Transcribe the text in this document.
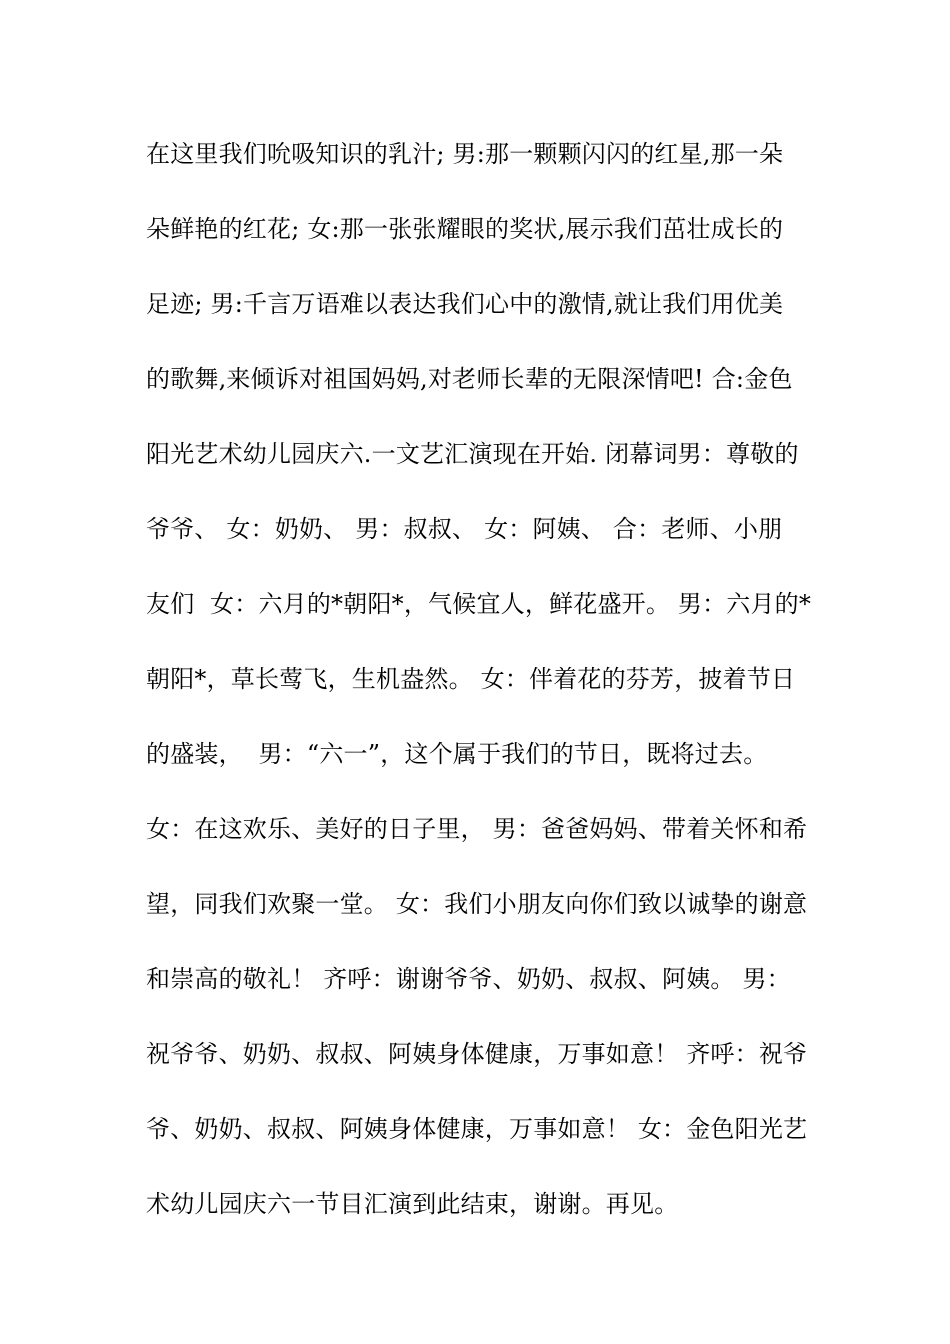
在这里我们吮吸知识的乳汁; 男:那一颗颗闪闪的红星,那一朵
朵鲜艳的红花; 女:那一张张耀眼的奖状,展示我们茁壮成长的
足迹; 男:千言万语难以表达我们心中的激情,就让我们用优美
的歌舞,来倾诉对祖国妈妈,对老师长辈的无限深情吧! 合:金色
阳光艺术幼儿园庆六.一文艺汇演现在开始. 闭幕词男：尊敬的
爷爷、 女：奶奶、 男：叔叔、 女：阿姨、 合：老师、小朋
友们  女：六月的*朝阳*，气候宜人，鲜花盛开。 男：六月的*
朝阳*，草长莺飞，生机盎然。 女：伴着花的芬芳，披着节日
的盛装，  男：“六一”，这个属于我们的节日，既将过去。
女：在这欢乐、美好的日子里， 男：爸爸妈妈、带着关怀和希
望，同我们欢聚一堂。 女：我们小朋友向你们致以诚挚的谢意
和崇高的敬礼！ 齐呼：谢谢爷爷、奶奶、叔叔、阿姨。 男：
祝爷爷、奶奶、叔叔、阿姨身体健康，万事如意！ 齐呼：祝爷
爷、奶奶、叔叔、阿姨身体健康，万事如意！ 女：金色阳光艺
术幼儿园庆六一节目汇演到此结束，谢谢。再见。
